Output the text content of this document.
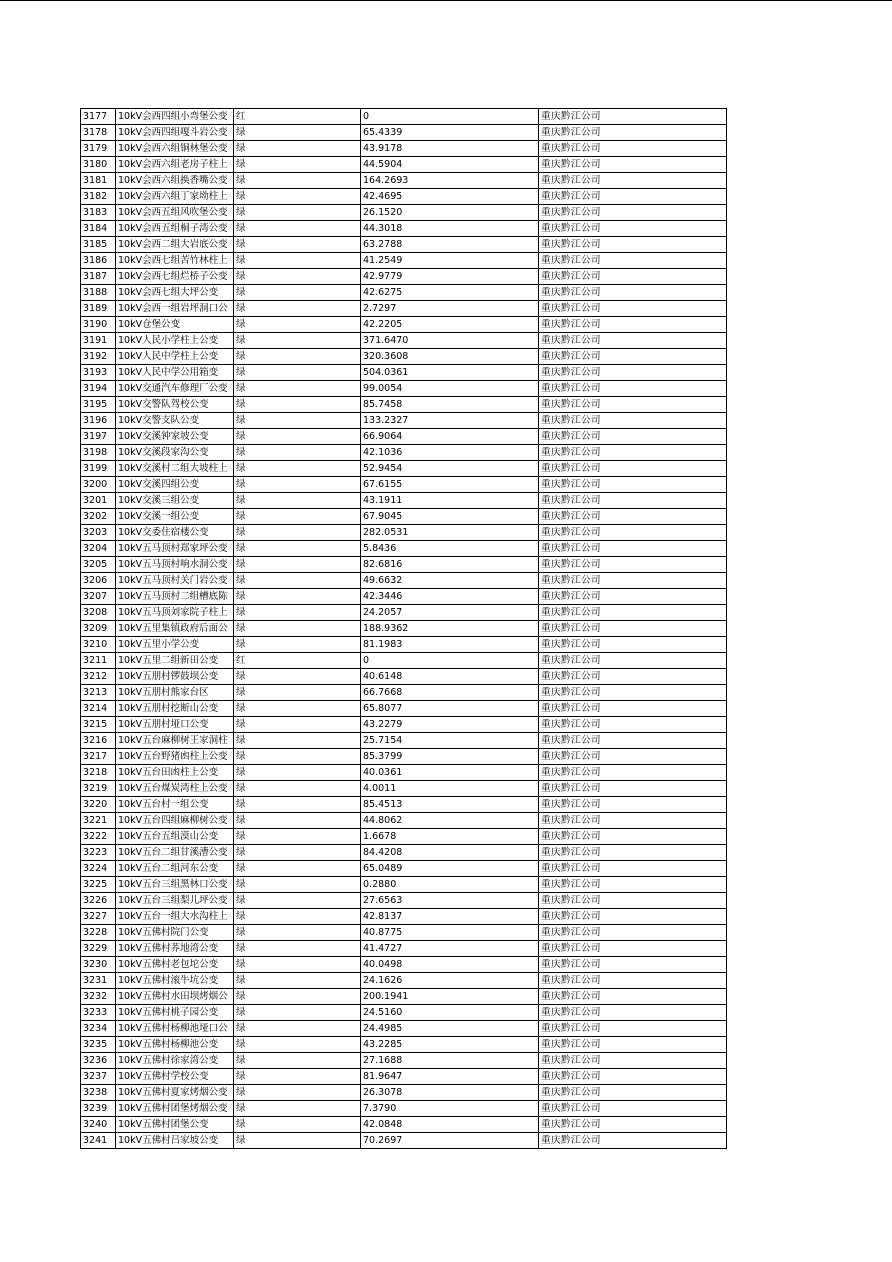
3177	10kV会西四组小弯堡公变	红	0	重庆黔江公司
3178	10kV会西四组嘎斗岩公变	绿	65.4339	重庆黔江公司
3179	10kV会西六组铜林堡公变	绿	43.9178	重庆黔江公司
3180	10kV会西六组老房子柱上	绿	44.5904	重庆黔江公司
3181	10kV会西六组换香嘴公变	绿	164.2693	重庆黔江公司
3182	10kV会西六组丁家坳柱上	绿	42.4695	重庆黔江公司
3183	10kV会西五组风吹堡公变	绿	26.1520	重庆黔江公司
3184	10kV会西五组桐子湾公变	绿	44.3018	重庆黔江公司
3185	10kV会西二组大岩底公变	绿	63.2788	重庆黔江公司
3186	10kV会西七组苦竹林柱上	绿	41.2549	重庆黔江公司
3187	10kV会西七组烂桥子公变	绿	42.9779	重庆黔江公司
3188	10kV会西七组大坪公变	绿	42.6275	重庆黔江公司
3189	10kV会西一组岩坪洞口公	绿	2.7297	重庆黔江公司
3190	10kV仓堡公变	绿	42.2205	重庆黔江公司
3191	10kV人民小学柱上公变	绿	371.6470	重庆黔江公司
3192	10kV人民中学柱上公变	绿	320.3608	重庆黔江公司
3193	10kV人民中学公用箱变	绿	504.0361	重庆黔江公司
3194	10kV交通汽车修理厂公变	绿	99.0054	重庆黔江公司
3195	10kV交警队驾校公变	绿	85.7458	重庆黔江公司
3196	10kV交警支队公变	绿	133.2327	重庆黔江公司
3197	10kV交溪钟家坡公变	绿	66.9064	重庆黔江公司
3198	10kV交溪段家沟公变	绿	42.1036	重庆黔江公司
3199	10kV交溪村二组大坡柱上	绿	52.9454	重庆黔江公司
3200	10kV交溪四组公变	绿	67.6155	重庆黔江公司
3201	10kV交溪三组公变	绿	43.1911	重庆黔江公司
3202	10kV交溪一组公变	绿	67.9045	重庆黔江公司
3203	10kV交委住宿楼公变	绿	282.0531	重庆黔江公司
3204	10kV五马顶村郑家坪公变	绿	5.8436	重庆黔江公司
3205	10kV五马顶村响水洞公变	绿	82.6816	重庆黔江公司
3206	10kV五马顶村关门岩公变	绿	49.6632	重庆黔江公司
3207	10kV五马顶村二组槽底陈	绿	42.3446	重庆黔江公司
3208	10kV五马顶刘家院子柱上	绿	24.2057	重庆黔江公司
3209	10kV五里集镇政府后面公	绿	188.9362	重庆黔江公司
3210	10kV五里小学公变	绿	81.1983	重庆黔江公司
3211	10kV五里二组新田公变	红	0	重庆黔江公司
3212	10kV五朋村锣鼓坝公变	绿	40.6148	重庆黔江公司
3213	10kV五朋村熊家台区	绿	66.7668	重庆黔江公司
3214	10kV五朋村挖断山公变	绿	65.8077	重庆黔江公司
3215	10kV五朋村垭口公变	绿	43.2279	重庆黔江公司
3216	10kV五台麻柳树王家洞柱	绿	25.7154	重庆黔江公司
3217	10kV五台野猪凼柱上公变	绿	85.3799	重庆黔江公司
3218	10kV五台田凼柱上公变	绿	40.0361	重庆黔江公司
3219	10kV五台煤炭湾柱上公变	绿	4.0011	重庆黔江公司
3220	10kV五台村一组公变	绿	85.4513	重庆黔江公司
3221	10kV五台四组麻柳树公变	绿	44.8062	重庆黔江公司
3222	10kV五台五组漠山公变	绿	1.6678	重庆黔江公司
3223	10kV五台二组甘溪漕公变	绿	84.4208	重庆黔江公司
3224	10kV五台二组河东公变	绿	65.0489	重庆黔江公司
3225	10kV五台三组黑林口公变	绿	0.2880	重庆黔江公司
3226	10kV五台三组梨儿坪公变	绿	27.6563	重庆黔江公司
3227	10kV五台一组大水沟柱上	绿	42.8137	重庆黔江公司
3228	10kV五佛村院门公变	绿	40.8775	重庆黔江公司
3229	10kV五佛村荞地湾公变	绿	41.4727	重庆黔江公司
3230	10kV五佛村老包坨公变	绿	40.0498	重庆黔江公司
3231	10kV五佛村滚牛坑公变	绿	24.1626	重庆黔江公司
3232	10kV五佛村水田坝烤烟公	绿	200.1941	重庆黔江公司
3233	10kV五佛村桃子园公变	绿	24.5160	重庆黔江公司
3234	10kV五佛村杨柳池垭口公	绿	24.4985	重庆黔江公司
3235	10kV五佛村杨柳池公变	绿	43.2285	重庆黔江公司
3236	10kV五佛村徐家湾公变	绿	27.1688	重庆黔江公司
3237	10kV五佛村学校公变	绿	81.9647	重庆黔江公司
3238	10kV五佛村夏家烤烟公变	绿	26.3078	重庆黔江公司
3239	10kV五佛村团堡烤烟公变	绿	7.3790	重庆黔江公司
3240	10kV五佛村团堡公变	绿	42.0848	重庆黔江公司
3241	10kV五佛村吕家坡公变	绿	70.2697	重庆黔江公司
